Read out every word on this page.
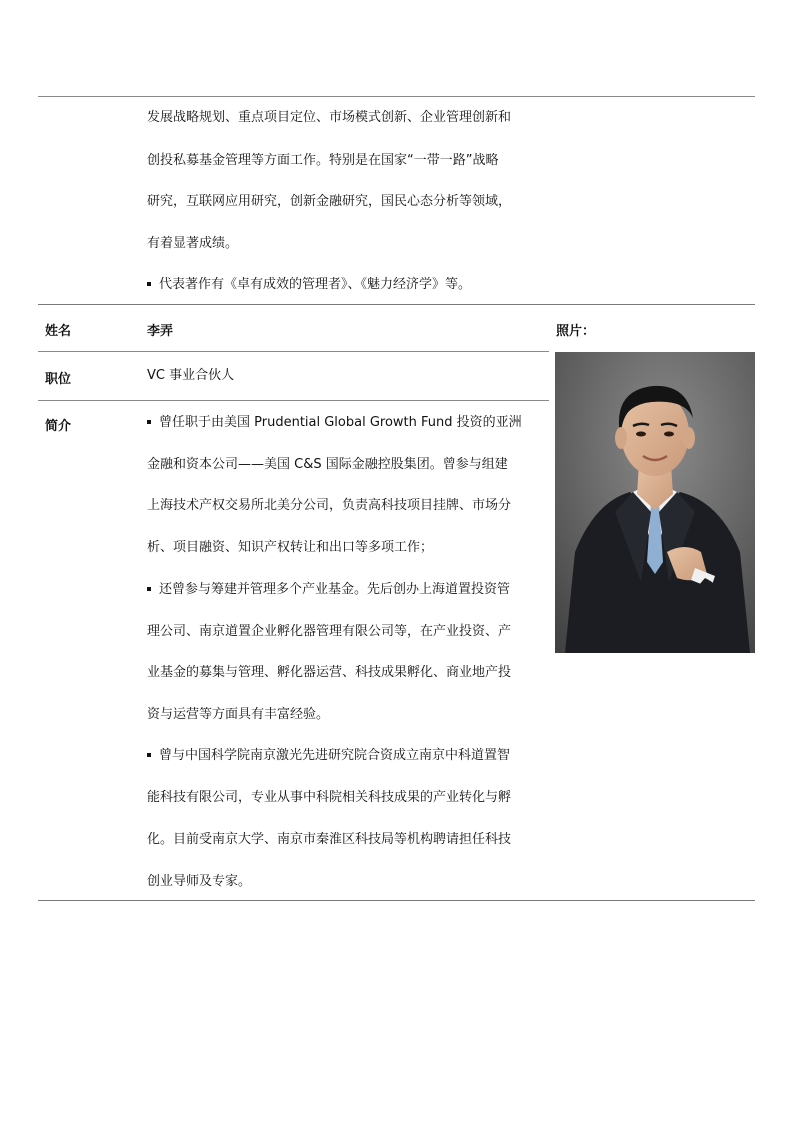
发展战略规划、重点项目定位、市场模式创新、企业管理创新和
创投私募基金管理等方面工作。特别是在国家“一带一路”战略
研究，互联网应用研究，创新金融研究，国民心态分析等领域，
有着显著成绩。
代表著作有《卓有成效的管理者》、《魅力经济学》等。
姓名	李弄	照片：
职位	VC 事业合伙人
简介	曾任职于由美国 Prudential Global Growth Fund 投资的亚洲
金融和资本公司——美国 C&S 国际金融控股集团。曾参与组建
上海技术产权交易所北美分公司，负责高科技项目挂牌、市场分
析、项目融资、知识产权转让和出口等多项工作；
还曾参与筹建并管理多个产业基金。先后创办上海道置投资管
理公司、南京道置企业孵化器管理有限公司等，在产业投资、产
业基金的募集与管理、孵化器运营、科技成果孵化、商业地产投
资与运营等方面具有丰富经验。
曾与中国科学院南京激光先进研究院合资成立南京中科道置智
能科技有限公司，专业从事中科院相关科技成果的产业转化与孵
化。目前受南京大学、南京市秦淮区科技局等机构聘请担任科技
创业导师及专家。
